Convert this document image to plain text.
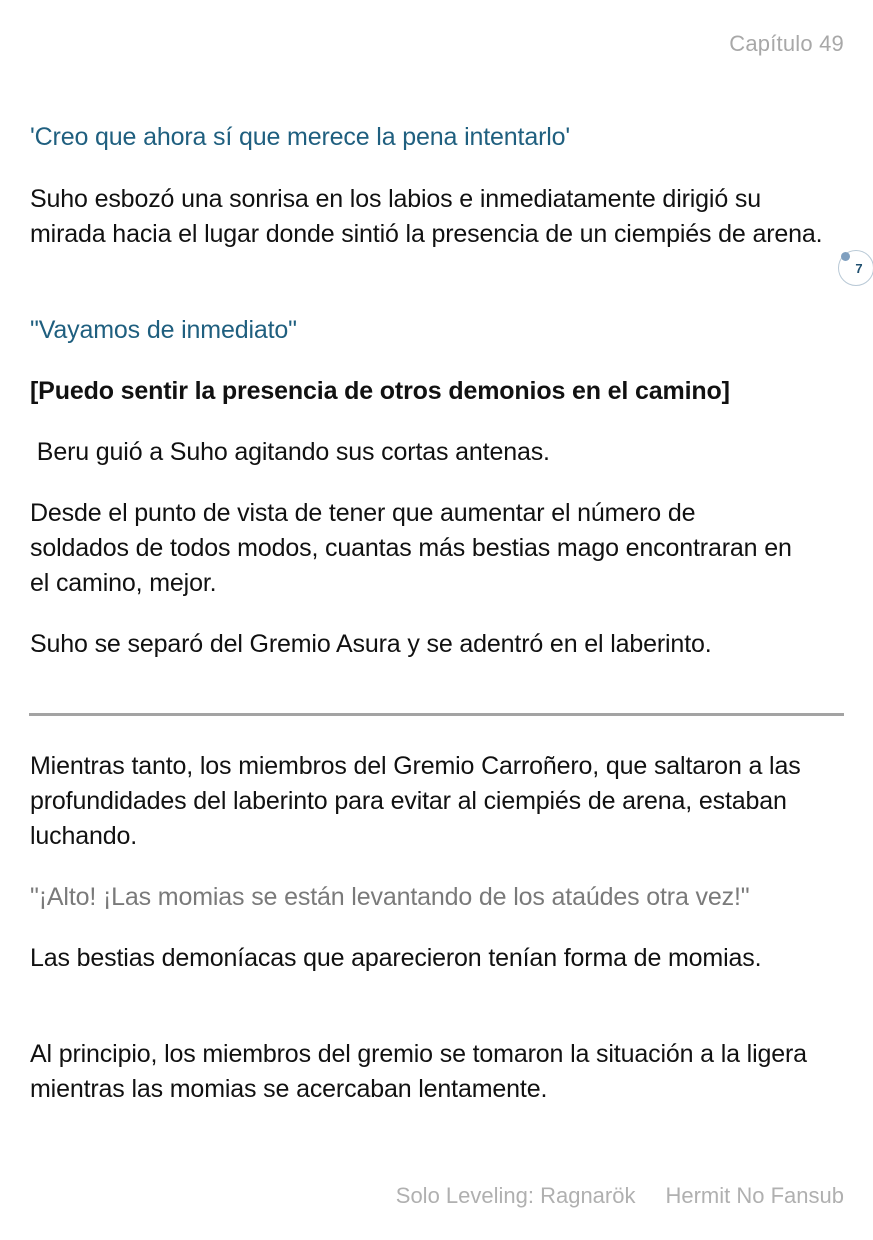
Capítulo 49

'Creo que ahora sí que merece la pena intentarlo'

Suho esbozó una sonrisa en los labios e inmediatamente dirigió su mirada hacia el lugar donde sintió la presencia de un ciempiés de arena.

"Vayamos de inmediato"

[Puedo sentir la presencia de otros demonios en el camino]

Beru guió a Suho agitando sus cortas antenas.

Desde el punto de vista de tener que aumentar el número de soldados de todos modos, cuantas más bestias mago encontraran en el camino, mejor.

Suho se separó del Gremio Asura y se adentró en el laberinto.

Mientras tanto, los miembros del Gremio Carroñero, que saltaron a las profundidades del laberinto para evitar al ciempiés de arena, estaban luchando.

"¡Alto! ¡Las momias se están levantando de los ataúdes otra vez!"

Las bestias demoníacas que aparecieron tenían forma de momias.

Al principio, los miembros del gremio se tomaron la situación a la ligera mientras las momias se acercaban lentamente.

7
Solo Leveling: Ragnarök Hermit No Fansub
